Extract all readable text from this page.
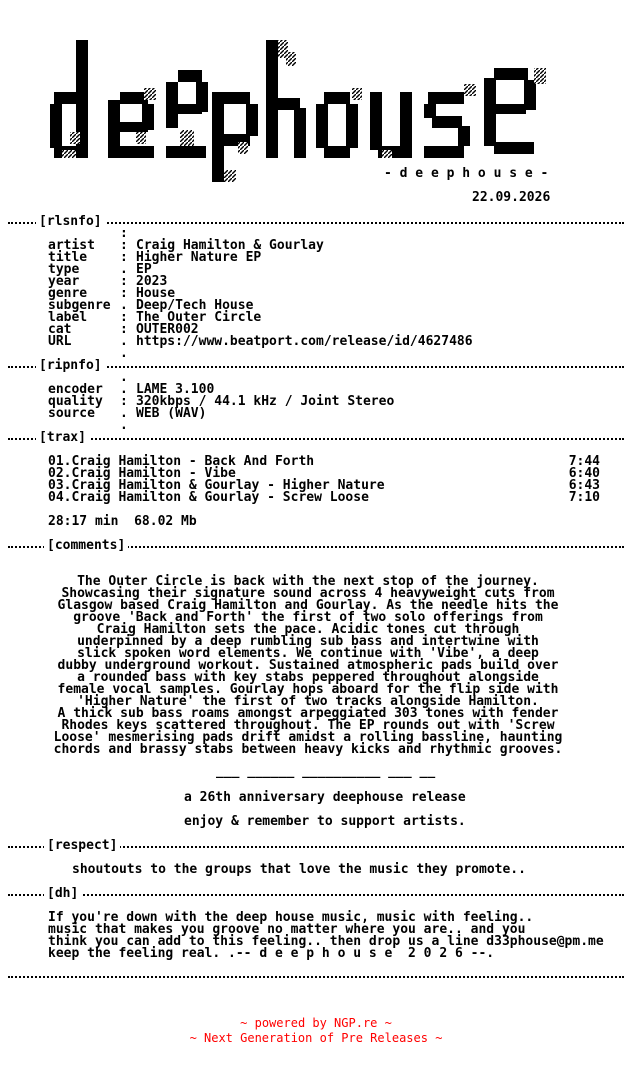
- d e e p h o u s e -
22.09.2026
[rlsnfo]
:
artist : Craig Hamilton & Gourlay
title	: Higher Nature EP
type	. EP
year	: 2023
genre	: House
subgenre . Deep/Tech House
label	: The Outer Circle
cat	: OUTER002
URL	. https://www.beatport.com/release/id/4627486
.
[ripnfo]
.
encoder . LAME 3.100
quality : 320kbps / 44.1 kHz / Joint Stereo
source . WEB (WAV)
.
[trax]
01.Craig Hamilton - Back And Forth	7:44
02.Craig Hamilton - Vibe	6:40
03.Craig Hamilton & Gourlay - Higher Nature	6:43
04.Craig Hamilton & Gourlay - Screw Loose	7:10
28:17 min  68.02 Mb
[comments]
The Outer Circle is back with the next stop of the journey.
Showcasing their signature sound across 4 heavyweight cuts from
Glasgow based Craig Hamilton and Gourlay. As the needle hits the
groove 'Back and Forth' the first of two solo offerings from
Craig Hamilton sets the pace. Acidic tones cut through
underpinned by a deep rumbling sub bass and intertwine with
slick spoken word elements. We continue with 'Vibe', a deep
dubby underground workout. Sustained atmospheric pads build over
a rounded bass with key stabs peppered throughout alongside
female vocal samples. Gourlay hops aboard for the flip side with
'Higher Nature' the first of two tracks alongside Hamilton.
A thick sub bass roams amongst arpeggiated 303 tones with fender
Rhodes keys scattered throughout. The EP rounds out with 'Screw
Loose' mesmerising pads drift amidst a rolling bassline, haunting
chords and brassy stabs between heavy kicks and rhythmic grooves.
___ ______ __________ ___ __
a 26th anniversary deephouse release
enjoy & remember to support artists.
[respect]
shoutouts to the groups that love the music they promote..
[dh]
If you're down with the deep house music, music with feeling..
music that makes you groove no matter where you are.. and you
think you can add to this feeling.. then drop us a line d33phouse@pm.me
keep the feeling real. .-- d e e p h o u s e  2 0 2 6 --.
~ powered by NGP.re ~
~ Next Generation of Pre Releases ~
